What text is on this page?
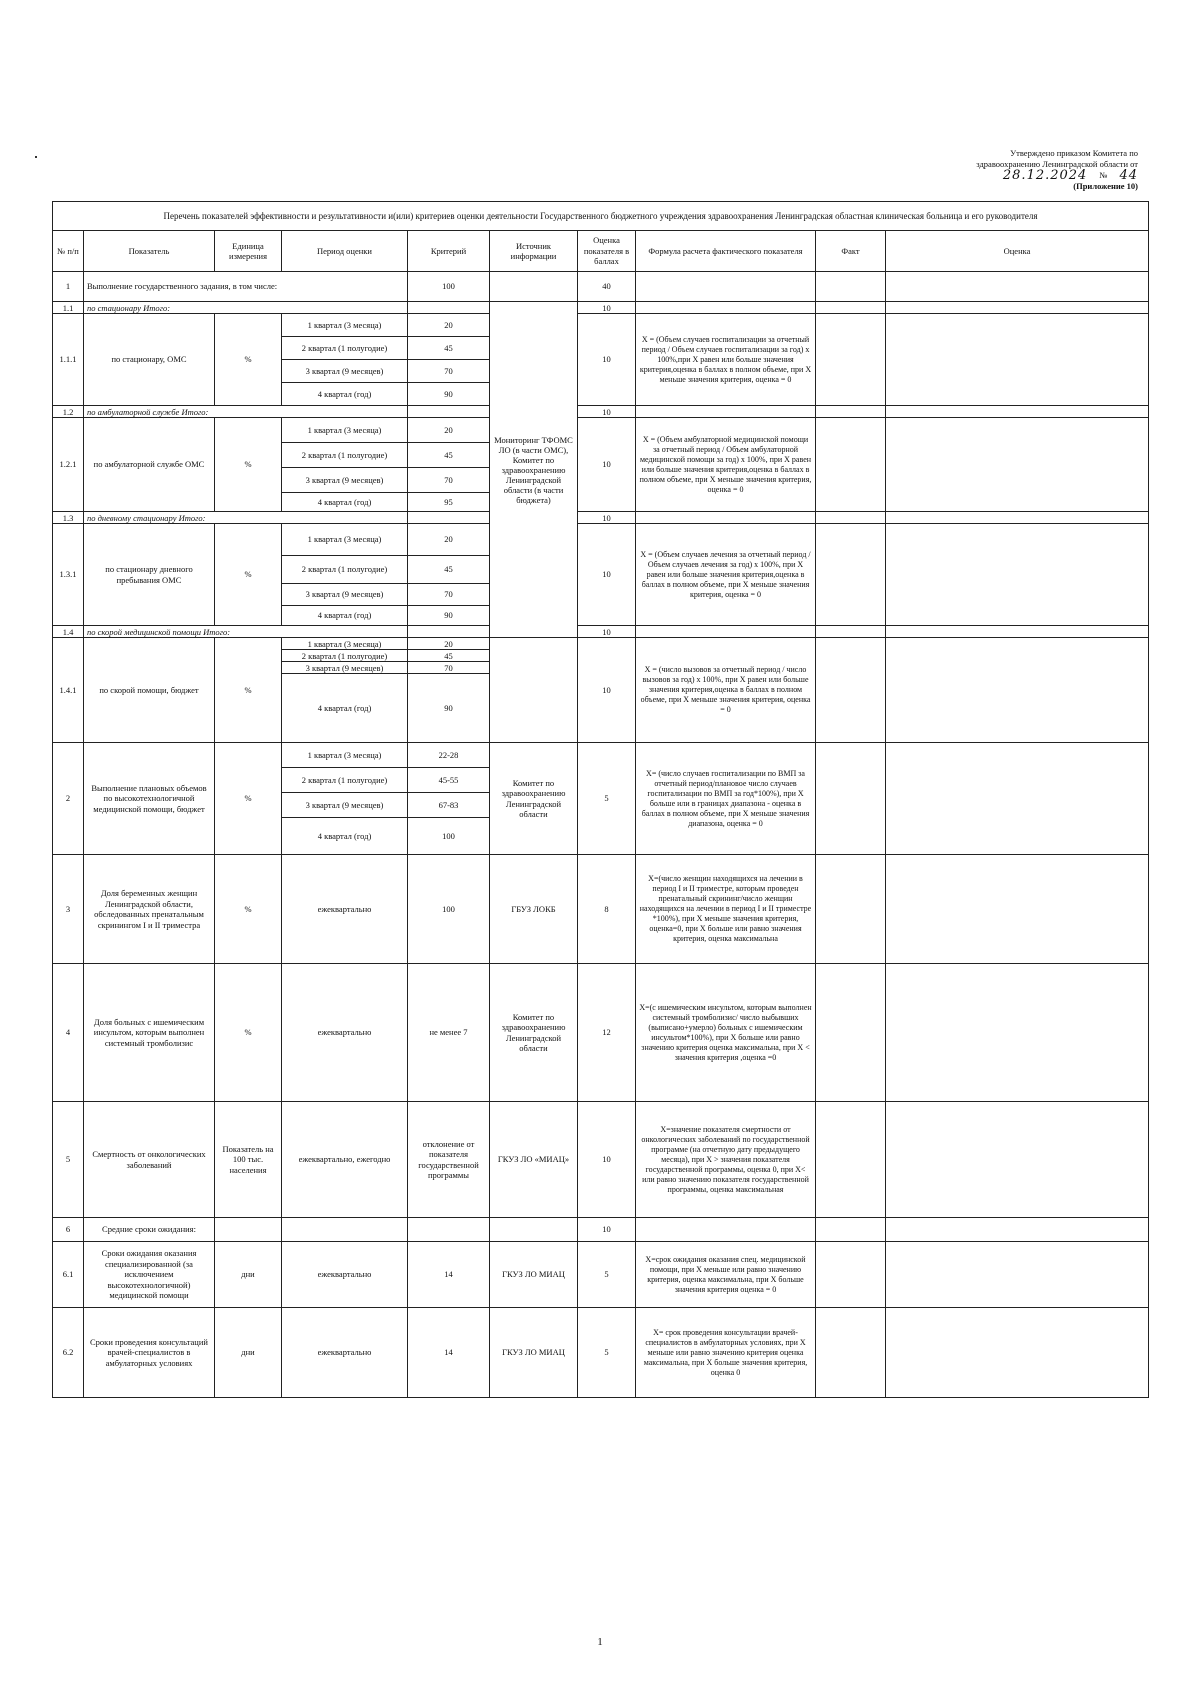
Утверждено приказом Комитета по
здравоохранению Ленинградской области от
28.12.2024 № 44
(Приложение 10)
Перечень показателей эффективности и результативности и(или) критериев оценки деятельности Государственного бюджетного учреждения здравоохранения Ленинградская областная клиническая больница и его руководителя									
№ п/п	Показатель	Единица измерения	Период оценки	Критерий	Источник информации	Оценка показателя в баллах	Формула расчета фактического показателя	Факт	Оценка
1	Выполнение государственного задания, в том числе:			100		40			
1.1	по стационару Итого:				Мониторинг ТФОМС ЛО (в части ОМС), Комитет по здравоохранению Ленинградской области (в части бюджета)	10			
1.1.1	по стационару, ОМС	%	1 квартал (3 месяца)	20		10	X = (Объем случаев госпитализации за отчетный период / Объем случаев госпитализации за год) х 100%,при X равен или больше значения критерия,оценка в баллах в полном объеме, при X меньше значения критерия, оценка = 0		
			2 квартал (1 полугодие)	45					
			3 квартал (9 месяцев)	70					
			4 квартал (год)	90					
1.2	по амбулаторной службе Итого:					10			
1.2.1	по амбулаторной службе ОМС	%	1 квартал (3 месяца)	20		10	X = (Объем амбулаторной медицинской помощи за отчетный период / Объем амбулаторной медицинской помощи за год) х 100%, при X равен или больше значения критерия,оценка в баллах в полном объеме, при X меньше значения критерия, оценка = 0		
			2 квартал (1 полугодие)	45					
			3 квартал (9 месяцев)	70					
			4 квартал (год)	95					
1.3	по дневному стационару Итого:					10			
1.3.1	по стационару дневного пребывания ОМС	%	1 квартал (3 месяца)	20		10	X = (Объем случаев лечения за отчетный период / Объем случаев лечения за год) х 100%, при X равен или больше значения критерия,оценка в баллах в полном объеме, при X меньше значения критерия, оценка = 0		
			2 квартал (1 полугодие)	45					
			3 квартал (9 месяцев)	70					
			4 квартал (год)	90					
1.4	по скорой медицинской помощи Итого:					10			
1.4.1	по скорой помощи, бюджет	%	1 квартал (3 месяца)	20		10	X = (число вызовов за отчетный период / число вызовов за год) х 100%, при X равен или больше значения критерия,оценка в баллах в полном объеме, при X меньше значения критерия, оценка = 0		
			2 квартал (1 полугодие)	45					
			3 квартал (9 месяцев)	70					
			4 квартал (год)	90					
2	Выполнение плановых объемов по высокотехнологичной медицинской помощи, бюджет	%	1 квартал (3 месяца)	22-28	Комитет по здравоохранению Ленинградской области	5	X= (число случаев госпитализации по ВМП за отчетный период/плановое число случаев госпитализации по ВМП за год*100%), при X больше или в границах диапазона - оценка в баллах в полном объеме, при X меньше значения диапазона, оценка = 0		
			2 квартал (1 полугодие)	45-55					
			3 квартал (9 месяцев)	67-83					
			4 квартал (год)	100					
3	Доля беременных женщин Ленинградской области, обследованных пренатальным скринингом I и II триместра	%	ежеквартально	100	ГБУЗ ЛОКБ	8	X=(число женщин находящихся на лечении в период I и II триместре, которым проведен пренатальный скрининг/число женщин находящихся на лечении в период I и II триместре *100%), при X меньше значения критерия, оценка=0, при X больше или равно значения критерия, оценка максимальна		
4	Доля больных с ишемическим инсультом, которым выполнен системный тромболизис	%	ежеквартально	не менее 7	Комитет по здравоохранению Ленинградской области	12	X=(с ишемическим инсультом, которым выполнен системный тромболизис/ число выбывших (выписано+умерло) больных с ишемическим инсультом*100%), при X больше или равно значению критерия оценка максимальна, при X < значения критерия ,оценка =0		
5	Смертность от онкологических заболеваний	Показатель на 100 тыс. населения	ежеквартально, ежегодно	отклонение от показателя государственной программы	ГКУЗ ЛО «МИАЦ»	10	X=значение показателя смертности от онкологических заболеваний по государственной программе (на отчетную дату предыдущего месяца), при X > значения показателя государственной программы, оценка 0, при X< или равно значению показателя государственной программы, оценка максимальная		
6	Средние сроки ожидания:					10			
6.1	Сроки ожидания оказания специализированной (за исключением высокотехнологичной) медицинской помощи	дни	ежеквартально	14	ГКУЗ ЛО МИАЦ	5	X=срок ожидания оказания спец. медицинской помощи, при X меньше или равно значению критерия, оценка максимальна, при X больше значения критерия оценка = 0		
6.2	Сроки проведения консультаций врачей-специалистов в амбулаторных условиях	дни	ежеквартально	14	ГКУЗ ЛО МИАЦ	5	X= срок проведения консультации врачей-специалистов в амбулаторных условиях, при X меньше или равно значению критерия оценка максимальна, при X больше значения критерия, оценка 0		
1
